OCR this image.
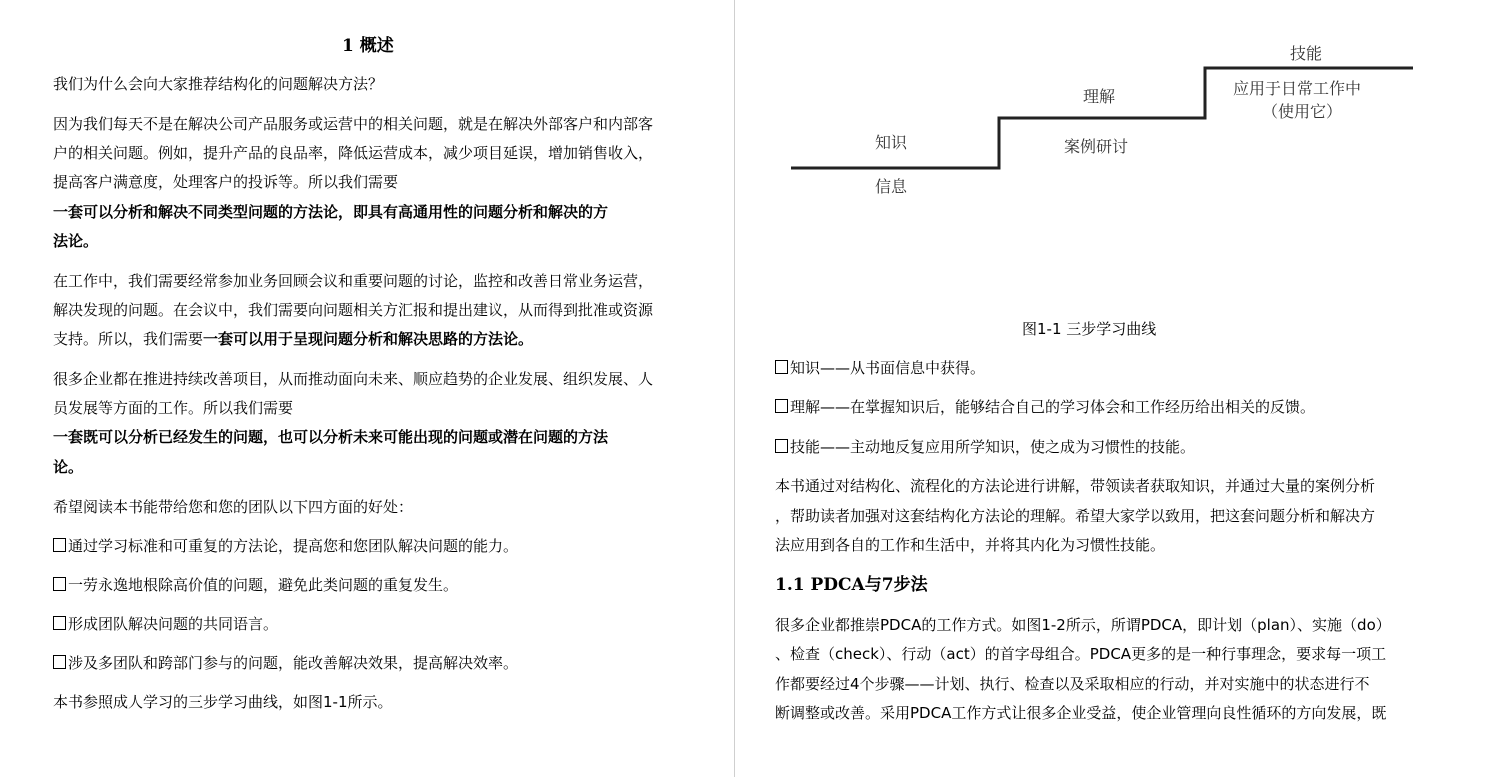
1 概述
我们为什么会向大家推荐结构化的问题解决方法？
因为我们每天不是在解决公司产品服务或运营中的相关问题，就是在解决外部客户和内部客
户的相关问题。例如，提升产品的良品率，降低运营成本，减少项目延误，增加销售收入，
提高客户满意度，处理客户的投诉等。所以我们需要
一套可以分析和解决不同类型问题的方法论，即具有高通用性的问题分析和解决的方
法论。
在工作中，我们需要经常参加业务回顾会议和重要问题的讨论，监控和改善日常业务运营，
解决发现的问题。在会议中，我们需要向问题相关方汇报和提出建议，从而得到批准或资源
支持。所以，我们需要一套可以用于呈现问题分析和解决思路的方法论。
很多企业都在推进持续改善项目，从而推动面向未来、顺应趋势的企业发展、组织发展、人
员发展等方面的工作。所以我们需要
一套既可以分析已经发生的问题，也可以分析未来可能出现的问题或潜在问题的方法
论。
希望阅读本书能带给您和您的团队以下四方面的好处：
通过学习标准和可重复的方法论，提高您和您团队解决问题的能力。
一劳永逸地根除高价值的问题，避免此类问题的重复发生。
形成团队解决问题的共同语言。
涉及多团队和跨部门参与的问题，能改善解决效果，提高解决效率。
本书参照成人学习的三步学习曲线，如图1-1所示。
知识
信息
理解
案例研讨
技能
应用于日常工作中
（使用它）
图1-1 三步学习曲线
知识——从书面信息中获得。
理解——在掌握知识后，能够结合自己的学习体会和工作经历给出相关的反馈。
技能——主动地反复应用所学知识，使之成为习惯性的技能。
本书通过对结构化、流程化的方法论进行讲解，带领读者获取知识，并通过大量的案例分析
，帮助读者加强对这套结构化方法论的理解。希望大家学以致用，把这套问题分析和解决方
法应用到各自的工作和生活中，并将其内化为习惯性技能。
1.1 PDCA与7步法
很多企业都推崇PDCA的工作方式。如图1-2所示，所谓PDCA，即计划（plan）、实施（do）
、检查（check）、行动（act）的首字母组合。PDCA更多的是一种行事理念，要求每一项工
作都要经过4个步骤——计划、执行、检查以及采取相应的行动，并对实施中的状态进行不
断调整或改善。采用PDCA工作方式让很多企业受益，使企业管理向良性循环的方向发展，既
